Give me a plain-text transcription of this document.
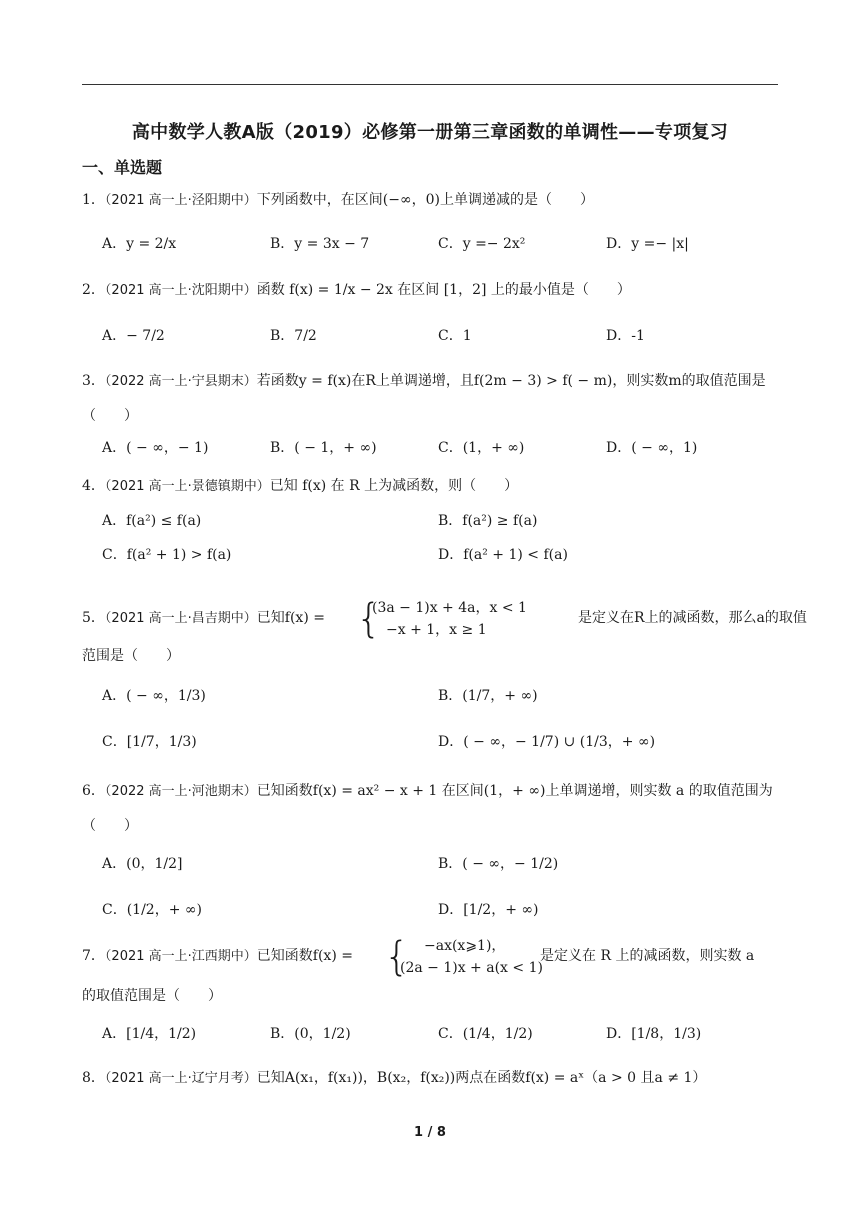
高中数学人教A版（2019）必修第一册第三章函数的单调性——专项复习
一、单选题
1．（2021 高一上·泾阳期中）下列函数中，在区间(−∞，0)上单调递减的是（　　）
A．y = 2/x	B．y = 3x − 7	C．y =− 2x²	D．y =− |x|
2．（2021 高一上·沈阳期中）函数 f(x) = 1/x − 2x 在区间 [1，2] 上的最小值是（　　）
A．− 7/2	B．7/2	C．1	D．-1
3．（2022 高一上·宁县期末）若函数y = f(x)在R上单调递增，且f(2m − 3) > f( − m)，则实数m的取值范围是（　　）
A．( − ∞，− 1)	B．( − 1，+ ∞)	C．(1，+ ∞)	D．( − ∞，1)
4．（2021 高一上·景德镇期中）已知 f(x) 在 R 上为减函数，则（　　）
A．f(a²) ≤ f(a)	B．f(a²) ≥ f(a)
C．f(a² + 1) > f(a)	D．f(a² + 1) < f(a)
5．（2021 高一上·昌吉期中）已知f(x) = {
(3a − 1)x + 4a，x < 1
−x + 1，x ≥ 1
是定义在R上的减函数，那么a的取值
范围是（　　）
A．( − ∞，1/3)	B．(1/7，+ ∞)
C．[1/7，1/3)	D．( − ∞，− 1/7) ∪ (1/3，+ ∞)
6．（2022 高一上·河池期末）已知函数f(x) = ax² − x + 1 在区间(1，+ ∞)上单调递增，则实数 a 的取值范围为（　　）
A．(0，1/2]	B．( − ∞，− 1/2)
C．(1/2，+ ∞)	D．[1/2，+ ∞)
7．（2021 高一上·江西期中）已知函数f(x) = { −ax(x⩾1)，
(2a − 1)x + a(x < 1)
是定义在 R 上的减函数，则实数 a
的取值范围是（　　）
A．[1/4，1/2)	B．(0，1/2)	C．(1/4，1/2)	D．[1/8，1/3)
8．（2021 高一上·辽宁月考）已知A(x₁，f(x₁))，B(x₂，f(x₂))两点在函数f(x) = aˣ（a > 0 且a ≠ 1）
1 / 8
